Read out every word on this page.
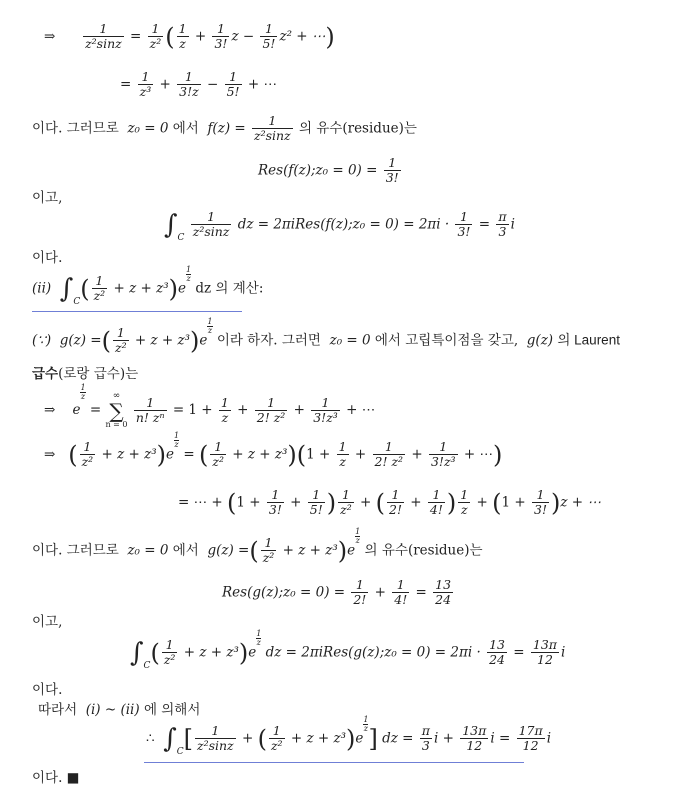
⇒ $\frac{1}{\text{z²sinz}} = \frac{1}{\text{z²}}$ ( $\frac{1}{z} + \frac{1}{3!}$ $z - \frac{1}{5!} z^2$ + ⋯)
= $\frac{1}{\text{z³}} + \frac{1}{3!z} - \frac{1}{5!}$ + ⋯
이다. 그러므로 z₀ = 0 에서 $f(z) = \frac{1}{\text{z²sinz}}$ 의 유수(residue)는
Res(f(z);z₀ = $0) = \frac{1}{3!}$
이고,
$\int_C \frac{1}{\text{z²sinz}}$ dz = 2πiRes(f(z);z₀ = $0) = 2\pi i \cdot \frac{1}{3!} = \frac{\pi}{3}$ i
이다.
(ii) $\int_C( \frac{1}{\text{z²}} + z + z^3)e$
$\frac{1}{z}$
dz 의 계산:
(∵) g(z) =( $\frac{1}{\text{z²}} + z + z^3)e$
$\frac{1}{z}$
이라 하자. 그러면 z₀ = 0 에서 고립특이점을 갖고, g(z) 의 Laurent
급수(로랑 급수)는
⇒ e
$\frac{1}{z}$
=
∞
∑
n = 0
$\frac{1}{\text{n! zⁿ}} = 1 + \frac{1}{z} + \frac{1}{\text{2! z²}} + \frac{1}{\text{3!z³}}$ + ⋯
⇒ ( $\frac{1}{\text{z²}} + z + z^3)e$
$\frac{1}{z}$
= ( $\frac{1}{\text{z²}} + z + z^3)(1 + \frac{1}{z} + \frac{1}{\text{2! z²}} + \frac{1}{\text{3!z³}}$ + ⋯)
= ⋯ + ($1 + \frac{1}{3!} + \frac{1}{5!}$ ) $\frac{1}{\text{z²}}$ + ( $\frac{1}{2!} + \frac{1}{4!}$ ) $\frac{1}{z} + (1 + \frac{1}{3!} )z$ + ⋯
이다. 그러므로 z₀ = 0 에서 g(z) =( $\frac{1}{\text{z²}} + z + z^3)e$
$\frac{1}{z}$
의 유수(residue)는
Res(g(z);z₀ = $0) = \frac{1}{2!} + \frac{1}{4!} = \frac{13}{24}$
이고,
$\int_C( \frac{1}{\text{z²}} + z + z^3)e$
$\frac{1}{z}$
dz = 2πiRes(g(z);z₀ = $0) = 2\pi i \cdot \frac{13}{24} = \frac{13\pi}{12}$ i
이다.
따라서 (i) ~ (ii) 에 의해서
∴ $\int_C[ \frac{1}{\text{z²sinz}}$ + ( $\frac{1}{\text{z²}} + z + z^3)e$
$\frac{1}{z}$ ] dz = $\frac{\pi}{3}$ $i + \frac{13\pi}{12}$ $i = \frac{17\pi}{12}$ i
이다. ■
